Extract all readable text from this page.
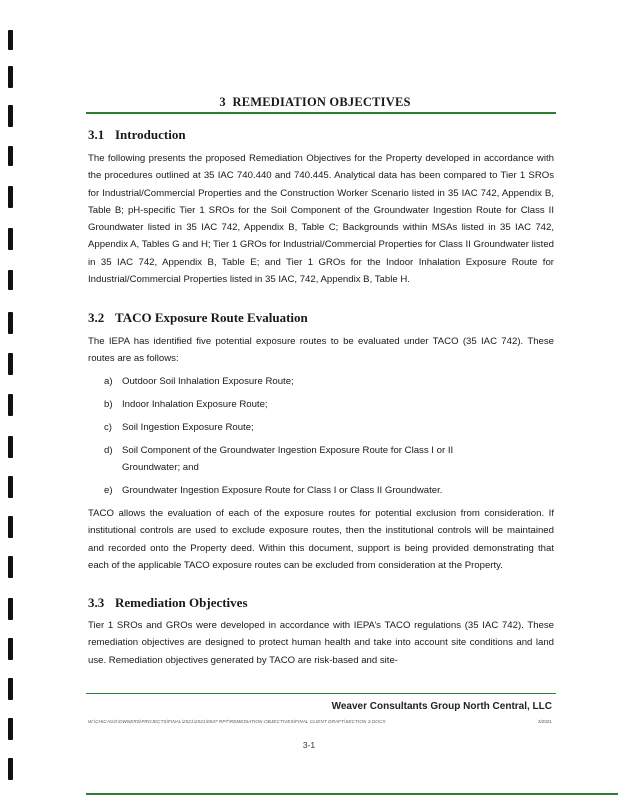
3 REMEDIATION OBJECTIVES
3.1 Introduction

The following presents the proposed Remediation Objectives for the Property developed in accordance with the procedures outlined at 35 IAC 740.440 and 740.445. Analytical data has been compared to Tier 1 SROs for Industrial/Commercial Properties and the Construction Worker Scenario listed in 35 IAC 742, Appendix B, Table B; pH-specific Tier 1 SROs for the Soil Component of the Groundwater Ingestion Route for Class II Groundwater listed in 35 IAC 742, Appendix B, Table C; Backgrounds within MSAs listed in 35 IAC 742, Appendix A, Tables G and H; Tier 1 GROs for Industrial/Commercial Properties for Class II Groundwater listed in 35 IAC 742, Appendix B, Table E; and Tier 1 GROs for the Indoor Inhalation Exposure Route for Industrial/Commercial Properties listed in 35 IAC, 742, Appendix B, Table H.

3.2 TACO Exposure Route Evaluation

The IEPA has identified five potential exposure routes to be evaluated under TACO (35 IAC 742). These routes are as follows:

a) Outdoor Soil Inhalation Exposure Route;
b) Indoor Inhalation Exposure Route;
c)	Soil Ingestion Exposure Route;
d) Soil Component of the Groundwater Ingestion Exposure Route for Class I or II
Groundwater; and
e) Groundwater Ingestion Exposure Route for Class I or Class II Groundwater.

TACO allows the evaluation of each of the exposure routes for potential exclusion from consideration. If institutional controls are used to exclude exposure routes, then the institutional controls will be maintained and recorded onto the Property deed. Within this document, support is being provided demonstrating that each of the applicable TACO exposure routes can be excluded from consideration at the Property.

3.3 Remediation Objectives

Tier 1 SROs and GROs were developed in accordance with IEPA’s TACO regulations (35 IAC 742). These remediation objectives are designed to protect human health and take into account site conditions and land use. Remediation objectives generated by TACO are risk-based and site-

Weaver Consultants Group North Central, LLC
W:\CHICAGO\OWNERS\PROJECTS\FINAL\2021\2021\0047 RPT\REMEDIATION-OBJECTIVES\FINAL CLIENT DRAFT\SECTION 3.DOCX	3/2021
3-1
